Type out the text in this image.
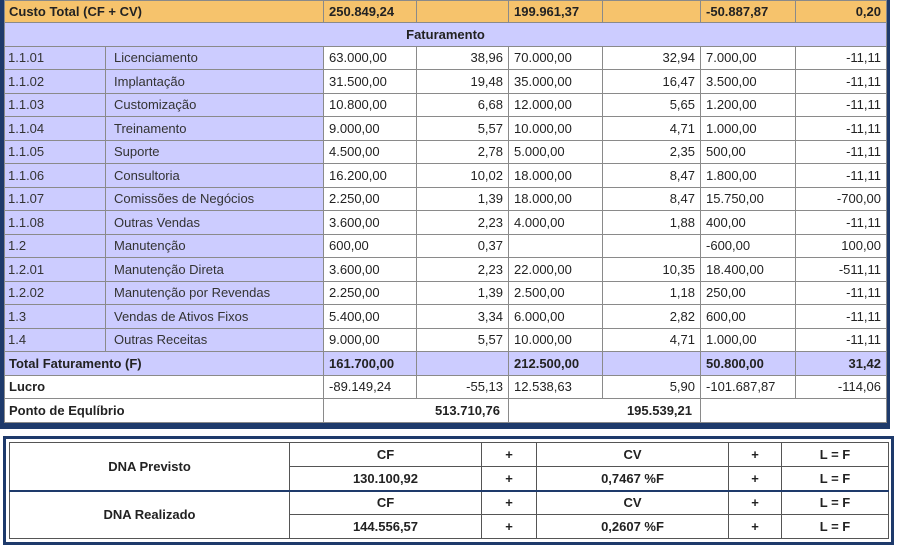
Custo Total (CF + CV)		250.849,24		199.961,37		-50.887,87	0,20
Faturamento							
1.1.01	Licenciamento	63.000,00	38,96	70.000,00	32,94	7.000,00	-11,11
1.1.02	Implantação	31.500,00	19,48	35.000,00	16,47	3.500,00	-11,11
1.1.03	Customização	10.800,00	6,68	12.000,00	5,65	1.200,00	-11,11
1.1.04	Treinamento	9.000,00	5,57	10.000,00	4,71	1.000,00	-11,11
1.1.05	Suporte	4.500,00	2,78	5.000,00	2,35	500,00	-11,11
1.1.06	Consultoria	16.200,00	10,02	18.000,00	8,47	1.800,00	-11,11
1.1.07	Comissões de Negócios	2.250,00	1,39	18.000,00	8,47	15.750,00	-700,00
1.1.08	Outras Vendas	3.600,00	2,23	4.000,00	1,88	400,00	-11,11
1.2	Manutenção	600,00	0,37			-600,00	100,00
1.2.01	Manutenção Direta	3.600,00	2,23	22.000,00	10,35	18.400,00	-511,11
1.2.02	Manutenção por Revendas	2.250,00	1,39	2.500,00	1,18	250,00	-11,11
1.3	Vendas de Ativos Fixos	5.400,00	3,34	6.000,00	2,82	600,00	-11,11
1.4	Outras Receitas	9.000,00	5,57	10.000,00	4,71	1.000,00	-11,11
Total Faturamento (F)		161.700,00		212.500,00		50.800,00	31,42
Lucro		-89.149,24	-55,13	12.538,63	5,90	-101.687,87	-114,06
Ponto de Equlíbrio		513.710,76		195.539,21			
DNA Previsto	CF	+	CV	+	L = F
	130.100,92	+	0,7467 %F	+	L = F
DNA Realizado	CF	+	CV	+	L = F
	144.556,57	+	0,2607 %F	+	L = F
